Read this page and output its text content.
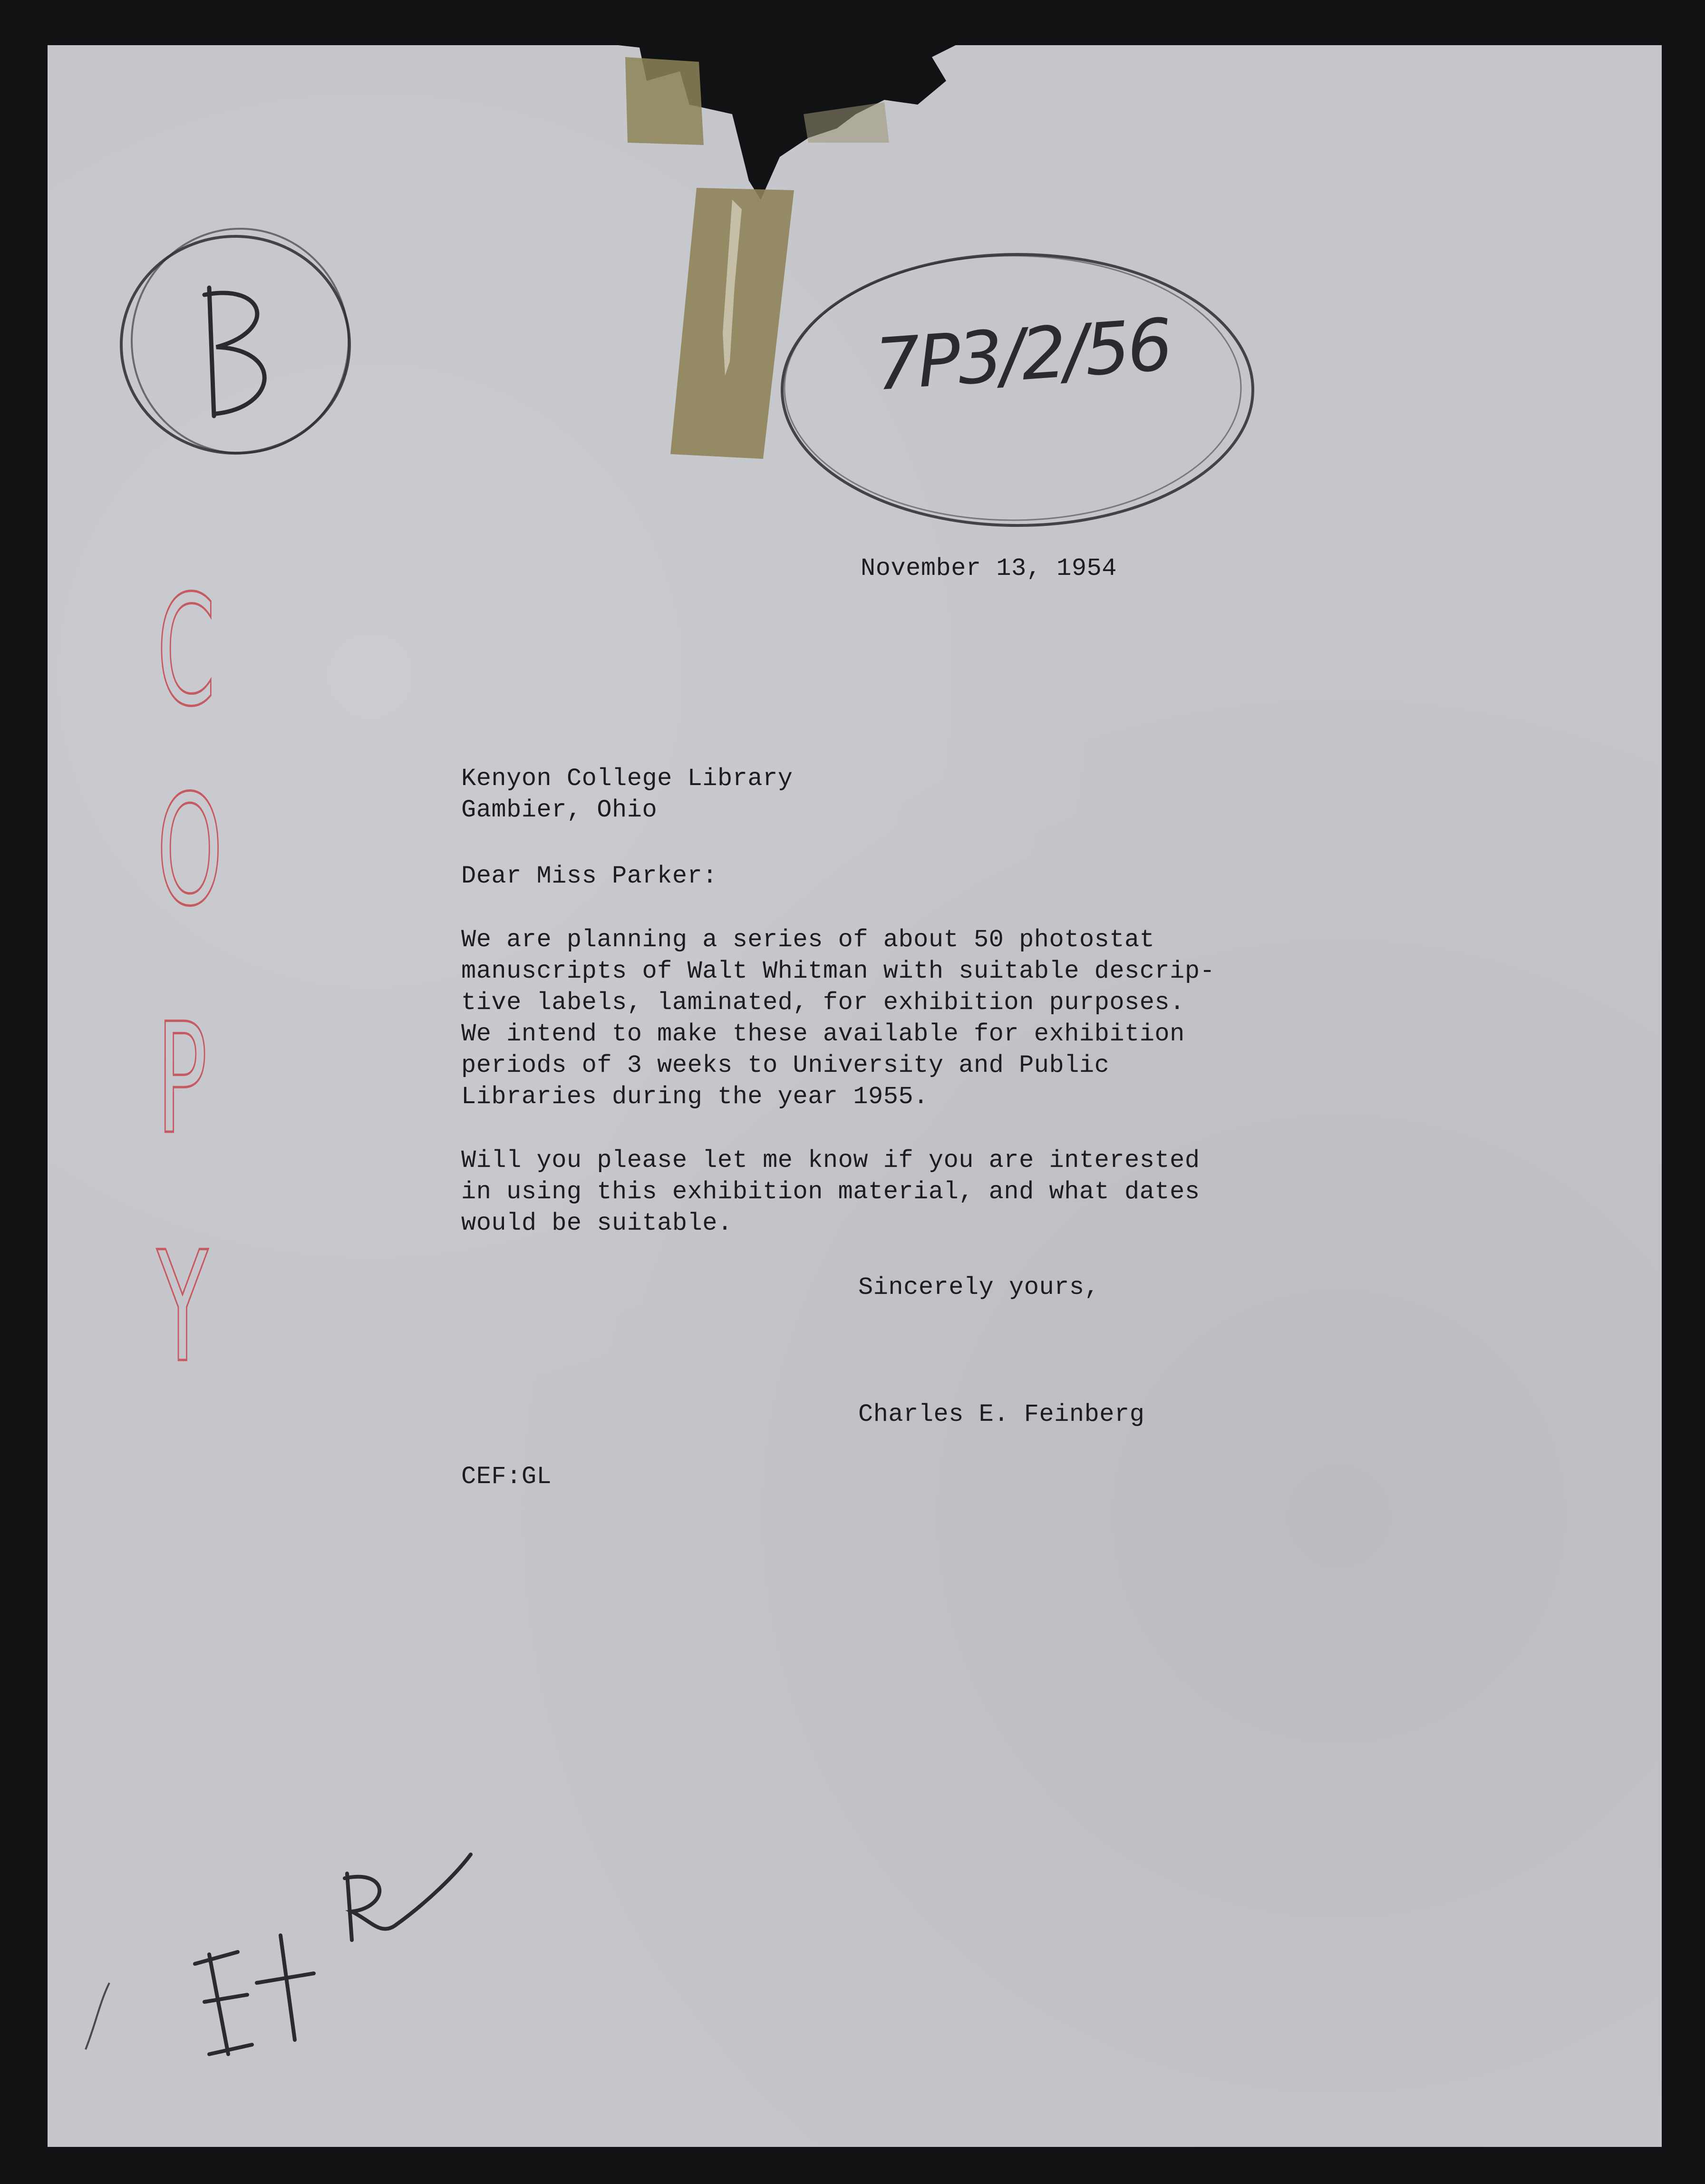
7P3/2/56
C
O
P
Y
November 13, 1954
Kenyon College Library
Gambier, Ohio
Dear Miss Parker:
We are planning a series of about 50 photostat
manuscripts of Walt Whitman with suitable descrip-
tive labels, laminated, for exhibition purposes.
We intend to make these available for exhibition
periods of 3 weeks to University and Public
Libraries during the year 1955.
Will you please let me know if you are interested
in using this exhibition material, and what dates
would be suitable.
Sincerely yours,
Charles E. Feinberg
CEF:GL
